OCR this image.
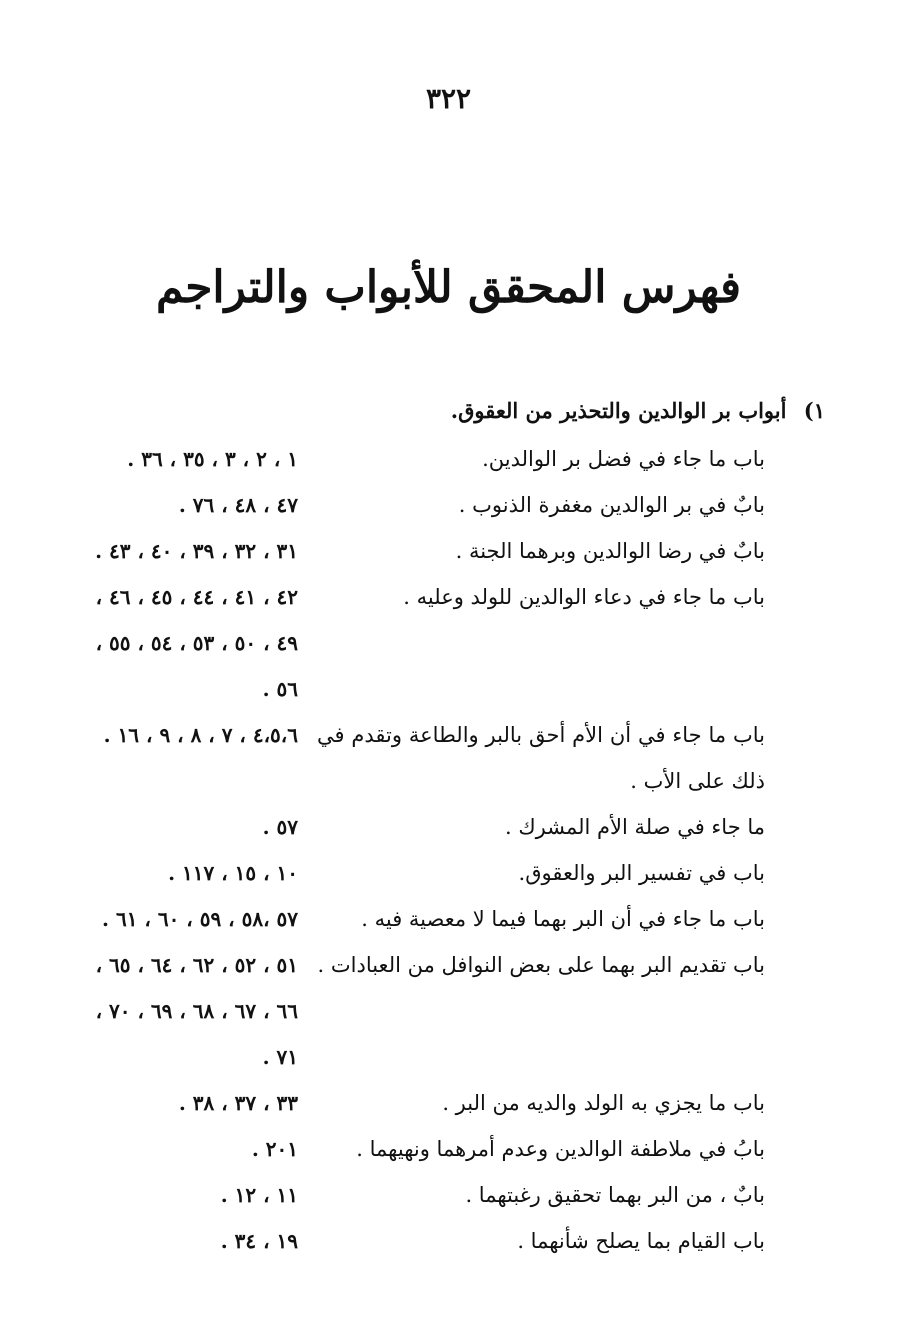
٣٢٢
فهرس المحقق للأبواب والتراجم
١) أبواب بر الوالدين والتحذير من العقوق.
باب ما جاء في فضل بر الوالدين.
١ ، ٢ ، ٣ ، ٣٥ ، ٣٦ .
بابٌ في بر الوالدين مغفرة الذنوب .
٤٧ ، ٤٨ ، ٧٦ .
بابٌ في رضا الوالدين وبرهما الجنة .
٣١ ، ٣٢ ، ٣٩ ، ٤٠ ، ٤٣ .
باب ما جاء في دعاء الوالدين للولد وعليه .
٤٢ ، ٤١ ، ٤٤ ، ٤٥ ، ٤٦ ،
٤٩ ، ٥٠ ، ٥٣ ، ٥٤ ، ٥٥ ،
٥٦ .
باب ما جاء في أن الأم أحق بالبر والطاعة وتقدم في ذلك على الأب .
٤،٥،٦ ، ٧ ، ٨ ، ٩ ، ١٦ .
ما جاء في صلة الأم المشرك .
٥٧ .
باب في تفسير البر والعقوق.
١٠ ، ١٥ ، ١١٧ .
باب ما جاء في أن البر بهما فيما لا معصية فيه .
٥٧ ،٥٨ ، ٥٩ ، ٦٠ ، ٦١ .
باب تقديم البر بهما على بعض النوافل من العبادات .
٥١ ، ٥٢ ، ٦٢ ، ٦٤ ، ٦٥ ،
٦٦ ، ٦٧ ، ٦٨ ، ٦٩ ، ٧٠ ،
٧١ .
باب ما يجزي به الولد والديه من البر .
٣٣ ، ٣٧ ، ٣٨ .
بابُ في ملاطفة الوالدين وعدم أمرهما ونهيهما .
٢٠١ .
بابٌ ، من البر بهما تحقيق رغبتهما .
١١ ، ١٢ .
باب القيام بما يصلح شأنهما .
١٩ ، ٣٤ .
